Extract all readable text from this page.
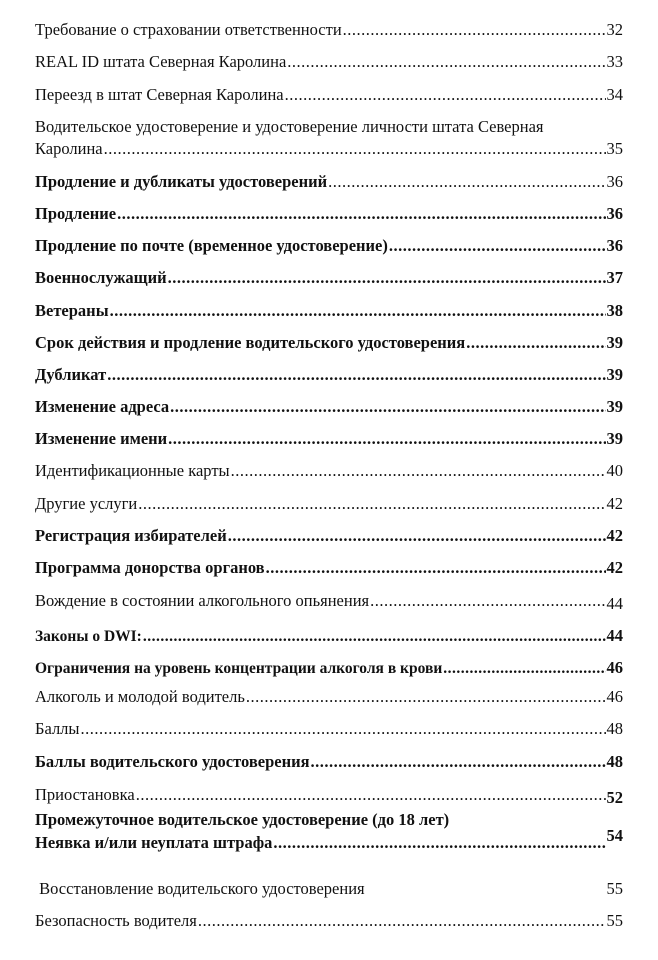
Требование о страховании ответственности .....	32
REAL ID штата Северная Каролина .....	33
Переезд в штат Северная Каролина .....	34
Водительское удостоверение и удостоверение личности штата Северная
Каролина .....	35
Продление и дубликаты удостоверений .....	36
Продление .....	36
Продление по почте (временное удостоверение) .....	36
Военнослужащий .....	37
Ветераны .....	38
Срок действия и продление водительского удостоверения .....	39
Дубликат .....	39
Изменение адреса .....	39
Изменение имени .....	39
Идентификационные карты .....	40
Другие услуги .....	42
Регистрация избирателей .....	42
Программа донорства органов .....	42
Вождение в состоянии алкогольного опьянения .....	44
Законы о DWI: .....	44
Ограничения на уровень концентрации алкоголя в крови .....	46
Алкоголь и молодой водитель .....	46
Баллы .....	48
Баллы водительского удостоверения .....	48
Приостановка .....	52
Промежуточное водительское удостоверение (до 18 лет)
Неявка и/или неуплата штрафа .....	54
Восстановление водительского удостоверения	55
Безопасность водителя .....	55
